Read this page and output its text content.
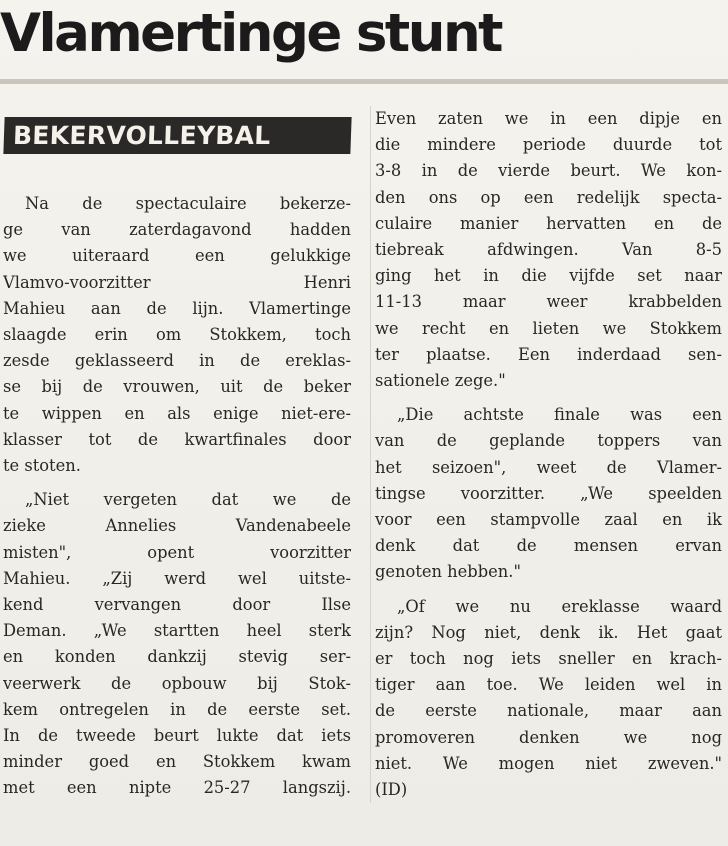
Vlamertinge stunt
BEKERVOLLEYBAL
Na de spectaculaire bekerze-
ge van zaterdagavond hadden
we uiteraard een gelukkige
Vlamvo-voorzitter Henri
Mahieu aan de lijn. Vlamertinge
slaagde erin om Stokkem, toch
zesde geklasseerd in de ereklas-
se bij de vrouwen, uit de beker
te wippen en als enige niet-ere-
klasser tot de kwartfinales door
te stoten.
„Niet vergeten dat we de
zieke Annelies Vandenabeele
misten", opent voorzitter
Mahieu. „Zij werd wel uitste-
kend vervangen door Ilse
Deman. „We startten heel sterk
en konden dankzij stevig ser-
veerwerk de opbouw bij Stok-
kem ontregelen in de eerste set.
In de tweede beurt lukte dat iets
minder goed en Stokkem kwam
met een nipte 25-27 langszij.
Even zaten we in een dipje en
die mindere periode duurde tot
3-8 in de vierde beurt. We kon-
den ons op een redelijk specta-
culaire manier hervatten en de
tiebreak afdwingen. Van 8-5
ging het in die vijfde set naar
11-13 maar weer krabbelden
we recht en lieten we Stokkem
ter plaatse. Een inderdaad sen-
sationele zege."
„Die achtste finale was een
van de geplande toppers van
het seizoen", weet de Vlamer-
tingse voorzitter. „We speelden
voor een stampvolle zaal en ik
denk dat de mensen ervan
genoten hebben."
„Of we nu ereklasse waard
zijn? Nog niet, denk ik. Het gaat
er toch nog iets sneller en krach-
tiger aan toe. We leiden wel in
de eerste nationale, maar aan
promoveren denken we nog
niet. We mogen niet zweven."
(ID)
